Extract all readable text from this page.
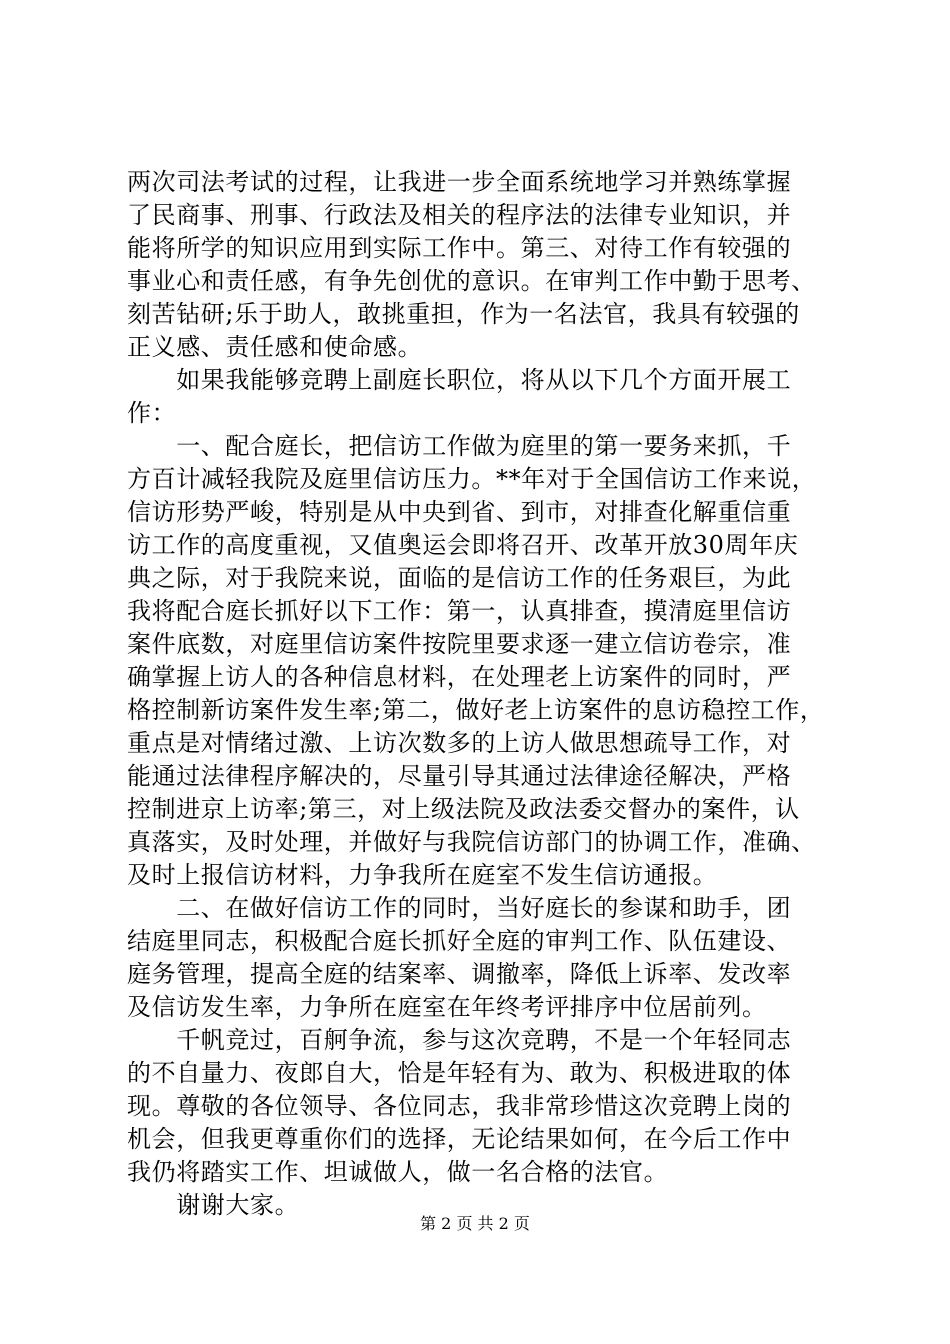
两次司法考试的过程，让我进一步全面系统地学习并熟练掌握
了民商事、刑事、行政法及相关的程序法的法律专业知识，并
能将所学的知识应用到实际工作中。第三、对待工作有较强的
事业心和责任感，有争先创优的意识。在审判工作中勤于思考、
刻苦钻研;乐于助人，敢挑重担，作为一名法官，我具有较强的
正义感、责任感和使命感。
　　如果我能够竞聘上副庭长职位，将从以下几个方面开展工
作：
　　一、配合庭长，把信访工作做为庭里的第一要务来抓，千
方百计减轻我院及庭里信访压力。**年对于全国信访工作来说，
信访形势严峻，特别是从中央到省、到市，对排查化解重信重
访工作的高度重视，又值奥运会即将召开、改革开放30周年庆
典之际，对于我院来说，面临的是信访工作的任务艰巨，为此
我将配合庭长抓好以下工作：第一，认真排查，摸清庭里信访
案件底数，对庭里信访案件按院里要求逐一建立信访卷宗，准
确掌握上访人的各种信息材料，在处理老上访案件的同时，严
格控制新访案件发生率;第二，做好老上访案件的息访稳控工作，
重点是对情绪过激、上访次数多的上访人做思想疏导工作，对
能通过法律程序解决的，尽量引导其通过法律途径解决，严格
控制进京上访率;第三，对上级法院及政法委交督办的案件，认
真落实，及时处理，并做好与我院信访部门的协调工作，准确、
及时上报信访材料，力争我所在庭室不发生信访通报。
　　二、在做好信访工作的同时，当好庭长的参谋和助手，团
结庭里同志，积极配合庭长抓好全庭的审判工作、队伍建设、
庭务管理，提高全庭的结案率、调撤率，降低上诉率、发改率
及信访发生率，力争所在庭室在年终考评排序中位居前列。
　　千帆竞过，百舸争流，参与这次竞聘，不是一个年轻同志
的不自量力、夜郎自大，恰是年轻有为、敢为、积极进取的体
现。尊敬的各位领导、各位同志，我非常珍惜这次竞聘上岗的
机会，但我更尊重你们的选择，无论结果如何，在今后工作中
我仍将踏实工作、坦诚做人，做一名合格的法官。
　　谢谢大家。
第 2 页 共 2 页
